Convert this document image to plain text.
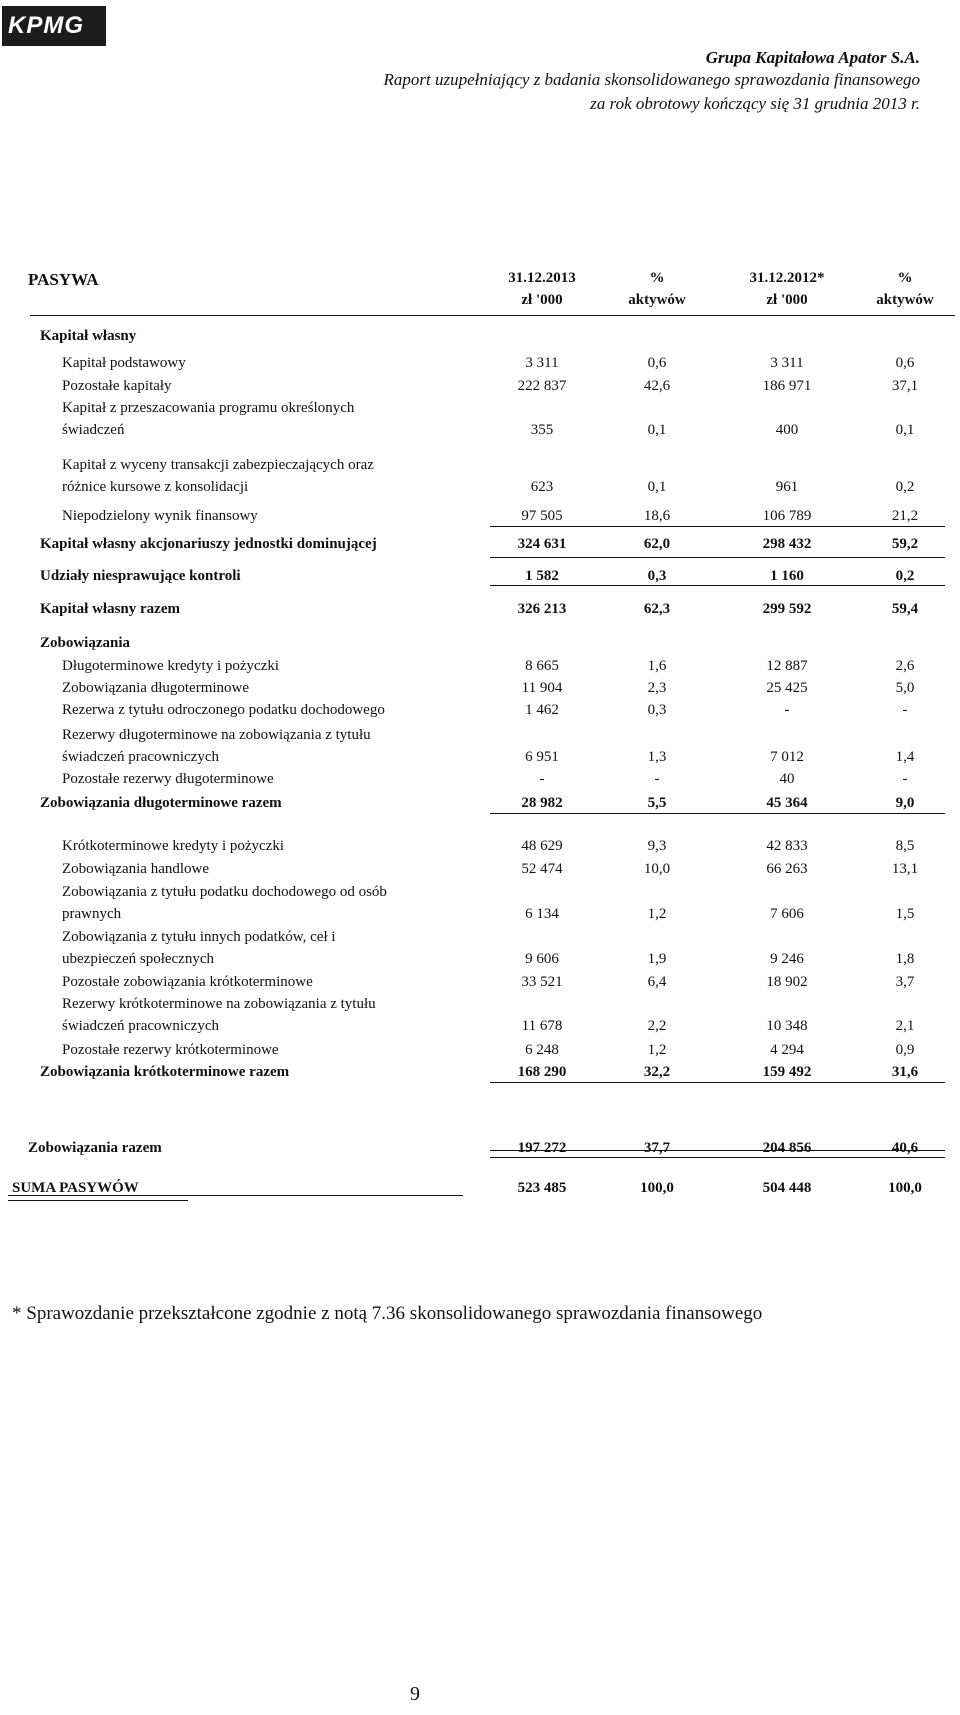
KPMG
Grupa Kapitałowa Apator S.A.
Raport uzupełniający z badania skonsolidowanego sprawozdania finansowego
za rok obrotowy kończący się 31 grudnia 2013 r.
PASYWA	31.12.2013	%	31.12.2012*	%
zł '000	aktywów	zł '000	aktywów
Kapitał własny
Kapitał podstawowy	3 311	0,6	3 311	0,6
Pozostałe kapitały	222 837	42,6	186 971	37,1
Kapitał z przeszacowania programu określonych
świadczeń	355	0,1	400	0,1
Kapitał z wyceny transakcji zabezpieczających oraz
różnice kursowe z konsolidacji	623	0,1	961	0,2
Niepodzielony wynik finansowy	97 505	18,6	106 789	21,2
Kapitał własny akcjonariuszy jednostki dominującej	324 631	62,0	298 432	59,2
Udziały niesprawujące kontroli	1 582	0,3	1 160	0,2
Kapitał własny razem	326 213	62,3	299 592	59,4
Zobowiązania
Długoterminowe kredyty i pożyczki	8 665	1,6	12 887	2,6
Zobowiązania długoterminowe	11 904	2,3	25 425	5,0
Rezerwa z tytułu odroczonego podatku dochodowego	1 462	0,3	-	-
Rezerwy długoterminowe na zobowiązania z tytułu
świadczeń pracowniczych	6 951	1,3	7 012	1,4
Pozostałe rezerwy długoterminowe	-	-	40	-
Zobowiązania długoterminowe razem	28 982	5,5	45 364	9,0
Krótkoterminowe kredyty i pożyczki	48 629	9,3	42 833	8,5
Zobowiązania handlowe	52 474	10,0	66 263	13,1
Zobowiązania z tytułu podatku dochodowego od osób
prawnych	6 134	1,2	7 606	1,5
Zobowiązania z tytułu innych podatków, ceł i
ubezpieczeń społecznych	9 606	1,9	9 246	1,8
Pozostałe zobowiązania krótkoterminowe	33 521	6,4	18 902	3,7
Rezerwy krótkoterminowe na zobowiązania z tytułu
świadczeń pracowniczych	11 678	2,2	10 348	2,1
Pozostałe rezerwy krótkoterminowe	6 248	1,2	4 294	0,9
Zobowiązania krótkoterminowe razem	168 290	32,2	159 492	31,6
Zobowiązania razem	197 272	37,7	204 856	40,6
SUMA PASYWÓW	523 485	100,0	504 448	100,0
* Sprawozdanie przekształcone zgodnie z notą 7.36 skonsolidowanego sprawozdania finansowego
9
